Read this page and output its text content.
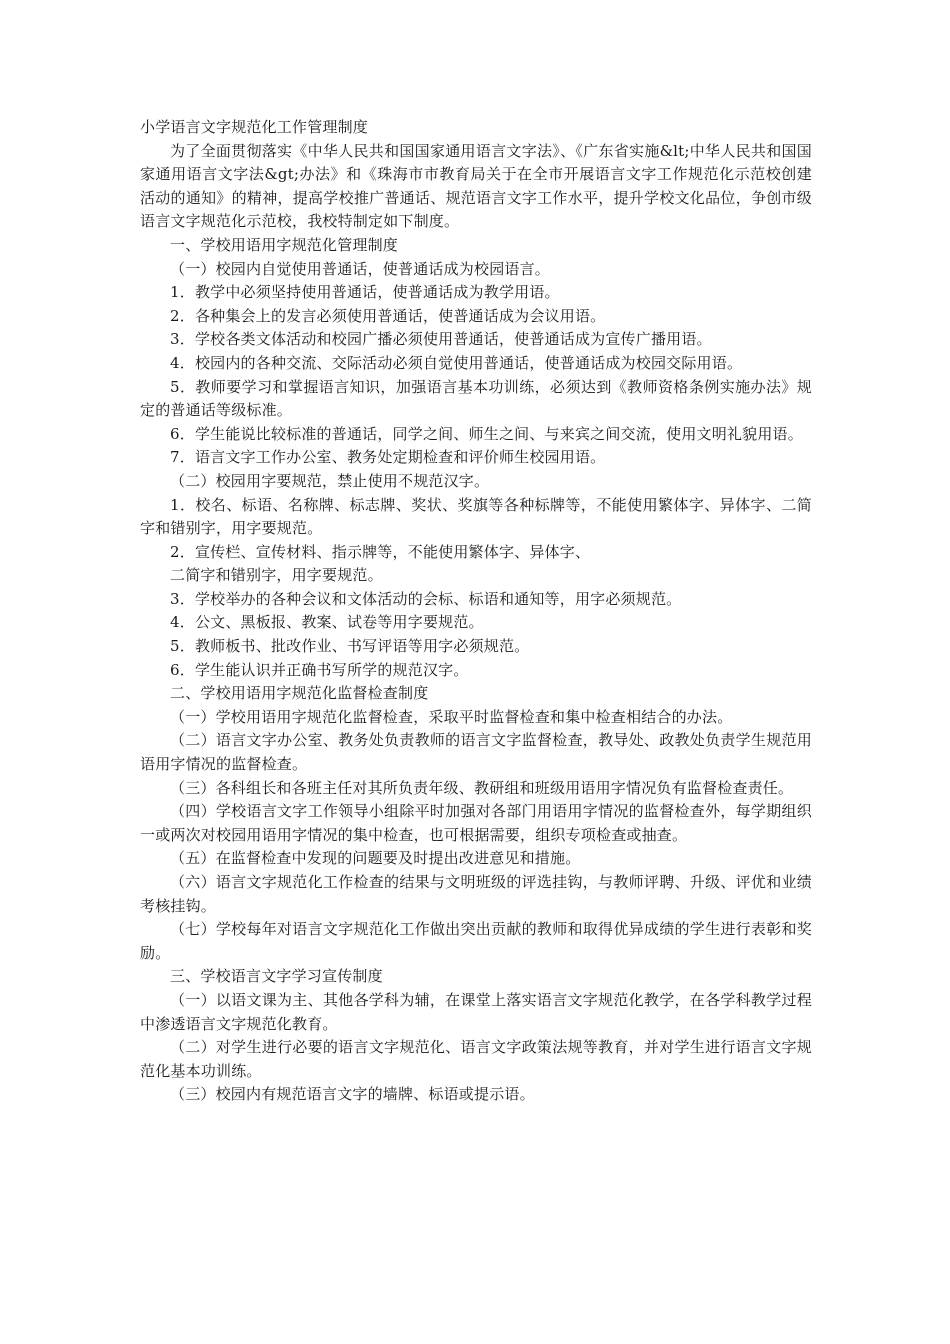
小学语言文字规范化工作管理制度

为了全面贯彻落实《中华人民共和国国家通用语言文字法》、《广东省实施&lt;中华人民共和国国家通用语言文字法&gt;办法》和《珠海市市教育局关于在全市开展语言文字工作规范化示范校创建活动的通知》的精神，提高学校推广普通话、规范语言文字工作水平，提升学校文化品位，争创市级语言文字规范化示范校，我校特制定如下制度。

一、学校用语用字规范化管理制度

（一）校园内自觉使用普通话，使普通话成为校园语言。

1．教学中必须坚持使用普通话，使普通话成为教学用语。

2．各种集会上的发言必须使用普通话，使普通话成为会议用语。

3．学校各类文体活动和校园广播必须使用普通话，使普通话成为宣传广播用语。

4．校园内的各种交流、交际活动必须自觉使用普通话，使普通话成为校园交际用语。

5．教师要学习和掌握语言知识，加强语言基本功训练，必须达到《教师资格条例实施办法》规定的普通话等级标准。

6．学生能说比较标准的普通话，同学之间、师生之间、与来宾之间交流，使用文明礼貌用语。

7．语言文字工作办公室、教务处定期检查和评价师生校园用语。

（二）校园用字要规范，禁止使用不规范汉字。

1．校名、标语、名称牌、标志牌、奖状、奖旗等各种标牌等，不能使用繁体字、异体字、二简字和错别字，用字要规范。

2．宣传栏、宣传材料、指示牌等，不能使用繁体字、异体字、

二简字和错别字，用字要规范。

3．学校举办的各种会议和文体活动的会标、标语和通知等，用字必须规范。

4．公文、黑板报、教案、试卷等用字要规范。

5．教师板书、批改作业、书写评语等用字必须规范。

6．学生能认识并正确书写所学的规范汉字。

二、学校用语用字规范化监督检查制度

（一）学校用语用字规范化监督检查，采取平时监督检查和集中检查相结合的办法。

（二）语言文字办公室、教务处负责教师的语言文字监督检查，教导处、政教处负责学生规范用语用字情况的监督检查。

（三）各科组长和各班主任对其所负责年级、教研组和班级用语用字情况负有监督检查责任。

（四）学校语言文字工作领导小组除平时加强对各部门用语用字情况的监督检查外，每学期组织一或两次对校园用语用字情况的集中检查，也可根据需要，组织专项检查或抽查。

（五）在监督检查中发现的问题要及时提出改进意见和措施。

（六）语言文字规范化工作检查的结果与文明班级的评选挂钩，与教师评聘、升级、评优和业绩考核挂钩。

（七）学校每年对语言文字规范化工作做出突出贡献的教师和取得优异成绩的学生进行表彰和奖励。

三、学校语言文字学习宣传制度

（一）以语文课为主、其他各学科为辅，在课堂上落实语言文字规范化教学，在各学科教学过程中渗透语言文字规范化教育。

（二）对学生进行必要的语言文字规范化、语言文字政策法规等教育，并对学生进行语言文字规范化基本功训练。

（三）校园内有规范语言文字的墙牌、标语或提示语。
